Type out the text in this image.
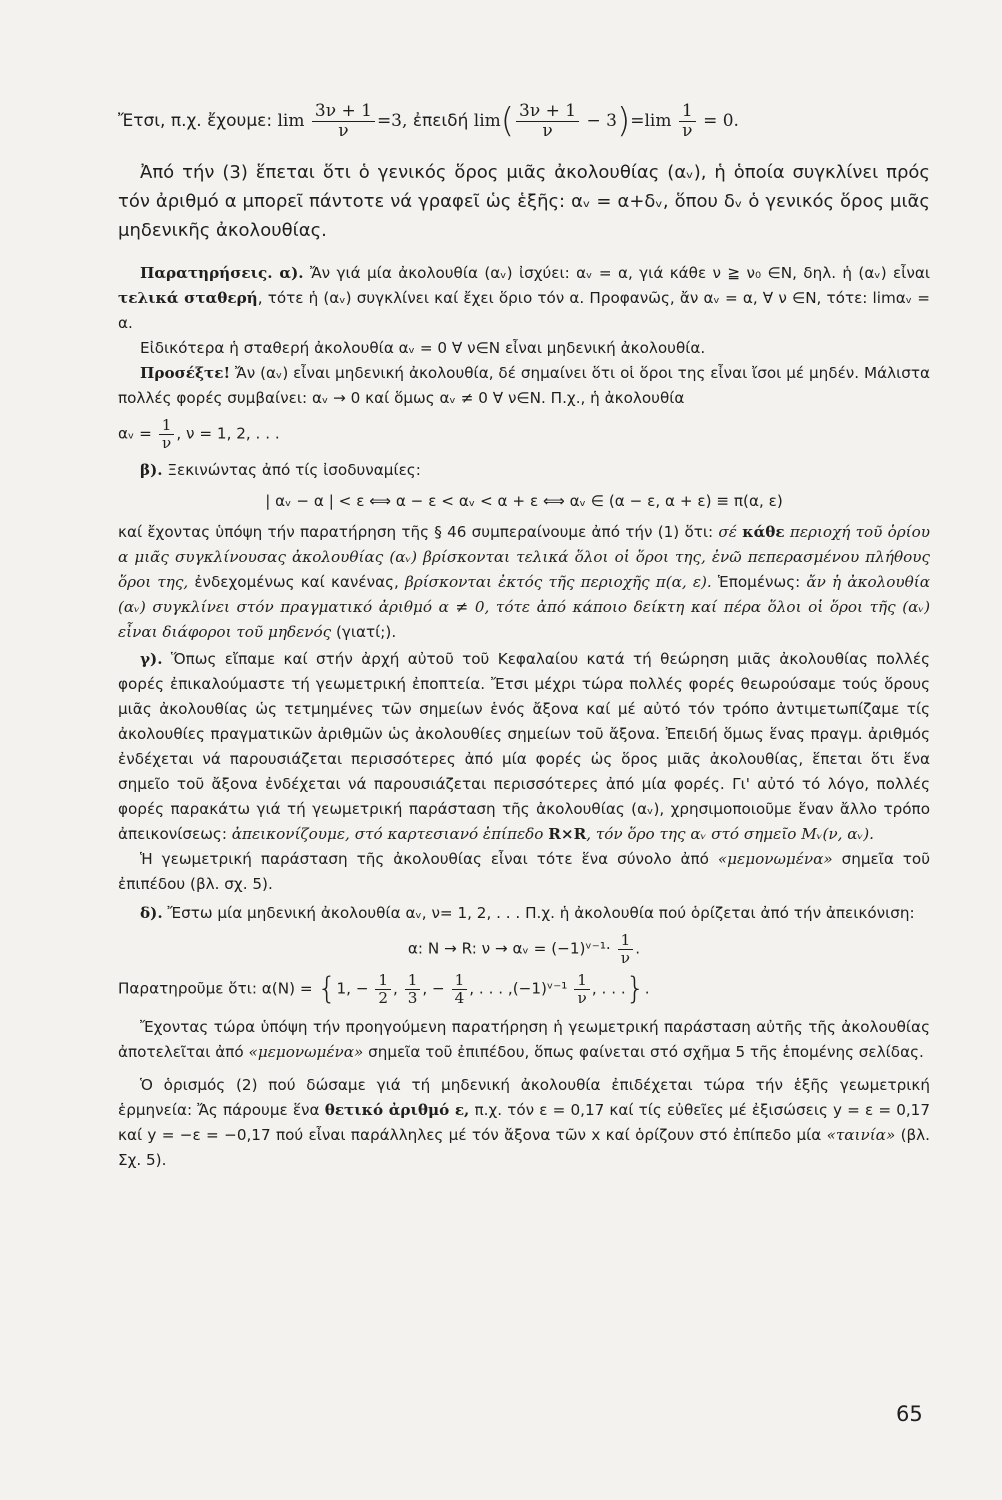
Ἔτσι, π.χ. ἔχουμε: $\lim \frac{3\nu + 1}{\nu} =3$, ἐπειδή $\lim( \frac{3\nu + 1}{\nu} - 3)=\lim \frac{1}{\nu} = 0$.

Ἀπό τήν (3) ἕπεται ὅτι ὁ γενικός ὅρος μιᾶς ἀκολουθίας (αᵥ), ἡ ὁποία συγκλίνει πρός τόν ἀριθμό α μπορεῖ πάντοτε νά γραφεῖ ὡς ἑξῆς: αᵥ = α+δᵥ, ὅπου δᵥ ὁ γενικός ὅρος μιᾶς μηδενικῆς ἀκολουθίας.

Παρατηρήσεις. α). Ἄν γιά μία ἀκολουθία (αᵥ) ἰσχύει: αᵥ = α, γιά κάθε ν ≧ ν₀ ∈N, δηλ. ἡ (αᵥ) εἶναι τελικά σταθερή, τότε ἡ (αᵥ) συγκλίνει καί ἔχει ὅριο τόν α. Προφανῶς, ἄν αᵥ = α, ∀ ν ∈N, τότε: limαᵥ = α.

Εἰδικότερα ἡ σταθερή ἀκολουθία αᵥ = 0 ∀ ν∈N εἶναι μηδενική ἀκολουθία.

Προσέξτε! Ἄν (αᵥ) εἶναι μηδενική ἀκολουθία, δέ σημαίνει ὅτι οἱ ὅροι της εἶναι ἴσοι μέ μηδέν. Μάλιστα πολλές φορές συμβαίνει: αᵥ → 0 καί ὅμως αᵥ ≠ 0 ∀ ν∈N. Π.χ., ἡ ἀκολουθία

αᵥ = $\frac{1}{\nu}$ , ν = 1, 2, . . .

β). Ξεκινώντας ἀπό τίς ἰσοδυναμίες:

| αᵥ − α | < ε ⟺ α − ε < αᵥ < α + ε ⟺ αᵥ ∈ (α − ε, α + ε) ≡ π(α, ε)

καί ἔχοντας ὑπόψη τήν παρατήρηση τῆς § 46 συμπεραίνουμε ἀπό τήν (1) ὅτι: σέ κάθε περιοχή τοῦ ὁρίου α μιᾶς συγκλίνουσας ἀκολουθίας (αᵥ) βρίσκονται τελικά ὅλοι οἱ ὅροι της, ἐνῶ πεπερασμένου πλήθους ὅροι της, ἐνδεχομένως καί κανένας, βρίσκονται ἐκτός τῆς περιοχῆς π(α, ε). Ἑπομένως: ἄν ἡ ἀκολουθία (αᵥ) συγκλίνει στόν πραγματικό ἀριθμό α ≠ 0, τότε ἀπό κάποιο δείκτη καί πέρα ὅλοι οἱ ὅροι τῆς (αᵥ) εἶναι διάφοροι τοῦ μηδενός (γιατί;).

γ). Ὅπως εἴπαμε καί στήν ἀρχή αὐτοῦ τοῦ Κεφαλαίου κατά τή θεώρηση μιᾶς ἀκολουθίας πολλές φορές ἐπικαλούμαστε τή γεωμετρική ἐποπτεία. Ἔτσι μέχρι τώρα πολλές φορές θεωρούσαμε τούς ὅρους μιᾶς ἀκολουθίας ὡς τετμημένες τῶν σημείων ἑνός ἄξονα καί μέ αὐτό τόν τρόπο ἀντιμετωπίζαμε τίς ἀκολουθίες πραγματικῶν ἀριθμῶν ὡς ἀκολουθίες σημείων τοῦ ἄξονα. Ἐπειδή ὅμως ἕνας πραγμ. ἀριθμός ἐνδέχεται νά παρουσιάζεται περισσότερες ἀπό μία φορές ὡς ὅρος μιᾶς ἀκολουθίας, ἕπεται ὅτι ἕνα σημεῖο τοῦ ἄξονα ἐνδέχεται νά παρουσιάζεται περισσότερες ἀπό μία φορές. Γι' αὐτό τό λόγο, πολλές φορές παρακάτω γιά τή γεωμετρική παράσταση τῆς ἀκολουθίας (αᵥ), χρησιμοποιοῦμε ἕναν ἄλλο τρόπο ἀπεικονίσεως: ἀπεικονίζουμε, στό καρτεσιανό ἐπίπεδο R×R, τόν ὅρο της αᵥ στό σημεῖο Mᵥ(ν, αᵥ).

Ἡ γεωμετρική παράσταση τῆς ἀκολουθίας εἶναι τότε ἕνα σύνολο ἀπό «μεμονωμένα» σημεῖα τοῦ ἐπιπέδου (βλ. σχ. 5).

δ). Ἔστω μία μηδενική ἀκολουθία αᵥ, ν= 1, 2, . . . Π.χ. ἡ ἀκολουθία πού ὁρίζεται ἀπό τήν ἀπεικόνιση:

α: N → R: ν → αᵥ = (−1)ᵛ⁻¹· $\frac{1}{\nu}$ .

Παρατηροῦμε ὅτι: α(N) = {1, − $\frac{1}{2}$ , $\frac{1}{3}$ , − $\frac{1}{4}$ , . . . ,(−1)ᵛ⁻¹ $\frac{1}{\nu}$ , . . .}.

Ἔχοντας τώρα ὑπόψη τήν προηγούμενη παρατήρηση ἡ γεωμετρική παράσταση αὐτῆς τῆς ἀκολουθίας ἀποτελεῖται ἀπό «μεμονωμένα» σημεῖα τοῦ ἐπιπέδου, ὅπως φαίνεται στό σχῆμα 5 τῆς ἑπομένης σελίδας.

Ὁ ὁρισμός (2) πού δώσαμε γιά τή μηδενική ἀκολουθία ἐπιδέχεται τώρα τήν ἑξῆς γεωμετρική ἑρμηνεία: Ἄς πάρουμε ἕνα θετικό ἀριθμό ε, π.χ. τόν ε = 0,17 καί τίς εὐθεῖες μέ ἐξισώσεις y = ε = 0,17 καί y = −ε = −0,17 πού εἶναι παράλληλες μέ τόν ἄξονα τῶν x καί ὁρίζουν στό ἐπίπεδο μία «ταινία» (βλ. Σχ. 5).

65
